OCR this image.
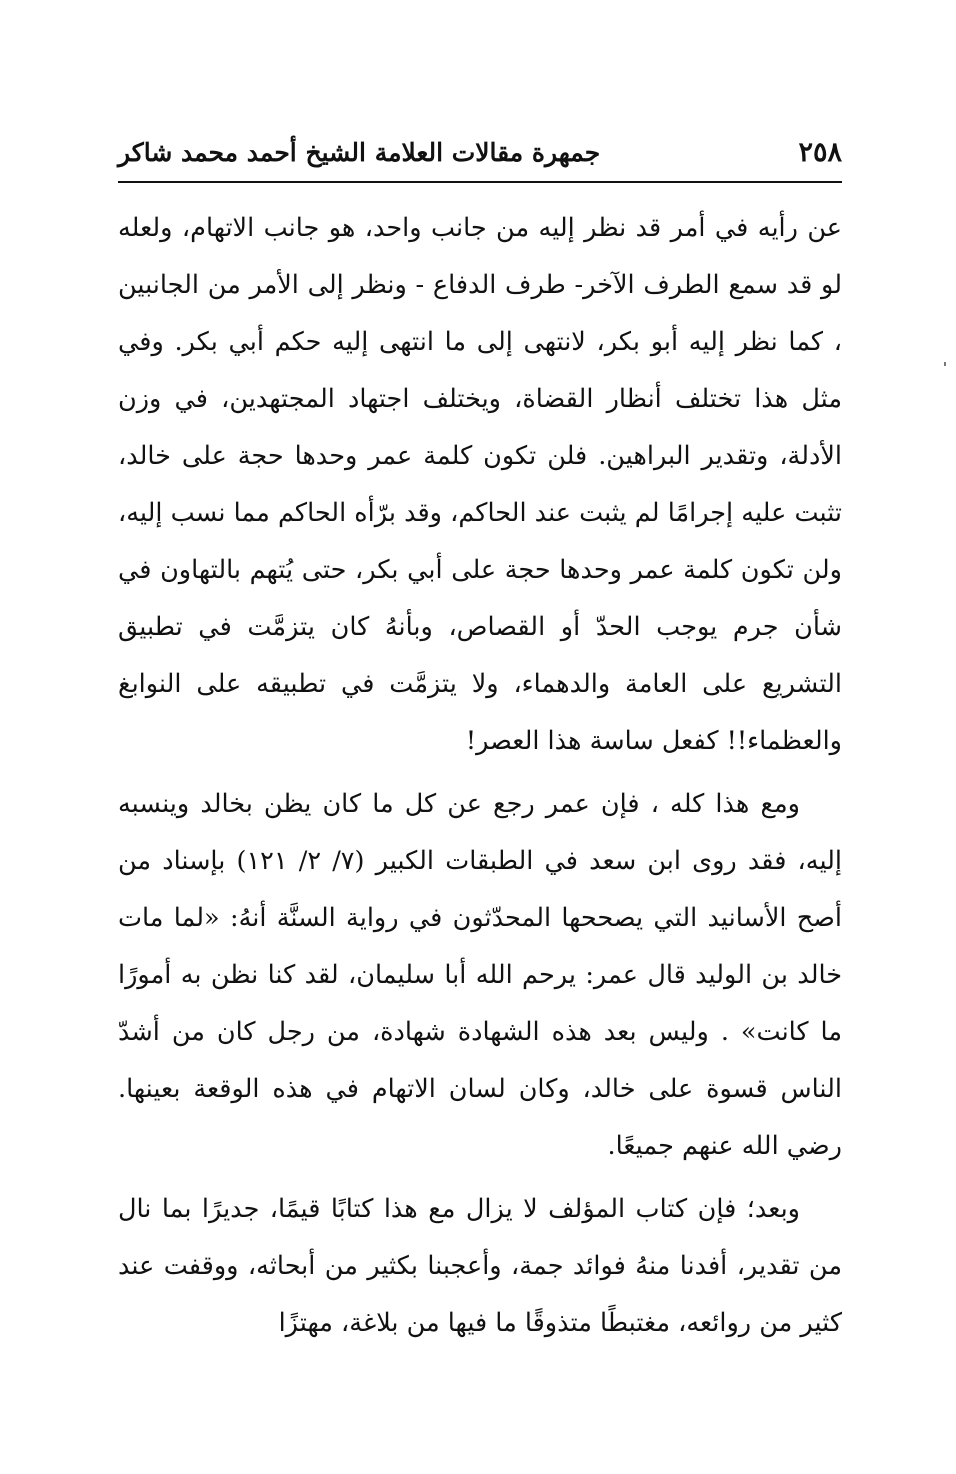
٢٥٨
جمهرة مقالات العلامة الشيخ أحمد محمد شاكر

عن رأيه في أمر قد نظر إليه من جانب واحد، هو جانب الاتهام، ولعله لو قد سمع الطرف الآخر- طرف الدفاع - ونظر إلى الأمر من الجانبين ، كما نظر إليه أبو بكر، لانتهى إلى ما انتهى إليه حكم أبي بكر. وفي مثل هذا تختلف أنظار القضاة، ويختلف اجتهاد المجتهدين، في وزن الأدلة، وتقدير البراهين. فلن تكون كلمة عمر وحدها حجة على خالد، تثبت عليه إجرامًا لم يثبت عند الحاكم، وقد برّأه الحاكم مما نسب إليه، ولن تكون كلمة عمر وحدها حجة على أبي بكر، حتى يُتهم بالتهاون في شأن جرم يوجب الحدّ أو القصاص، وبأنهُ كان يتزمَّت في تطبيق التشريع على العامة والدهماء، ولا يتزمَّت في تطبيقه على النوابغ والعظماء!! كفعل ساسة هذا العصر!

ومع هذا كله ، فإن عمر رجع عن كل ما كان يظن بخالد وينسبه إليه، فقد روى ابن سعد في الطبقات الكبير (٧/ ٢/ ١٢١) بإسناد من أصح الأسانيد التي يصححها المحدّثون في رواية السنَّة أنهُ: «لما مات خالد بن الوليد قال عمر: يرحم الله أبا سليمان، لقد كنا نظن به أمورًا ما كانت» . وليس بعد هذه الشهادة شهادة، من رجل كان من أشدّ الناس قسوة على خالد، وكان لسان الاتهام في هذه الوقعة بعينها. رضي الله عنهم جميعًا.

وبعد؛ فإن كتاب المؤلف لا يزال مع هذا كتابًا قيمًا، جديرًا بما نال من تقدير، أفدنا منهُ فوائد جمة، وأعجبنا بكثير من أبحاثه، ووقفت عند كثير من روائعه، مغتبطًا متذوقًا ما فيها من بلاغة، مهتزًا
